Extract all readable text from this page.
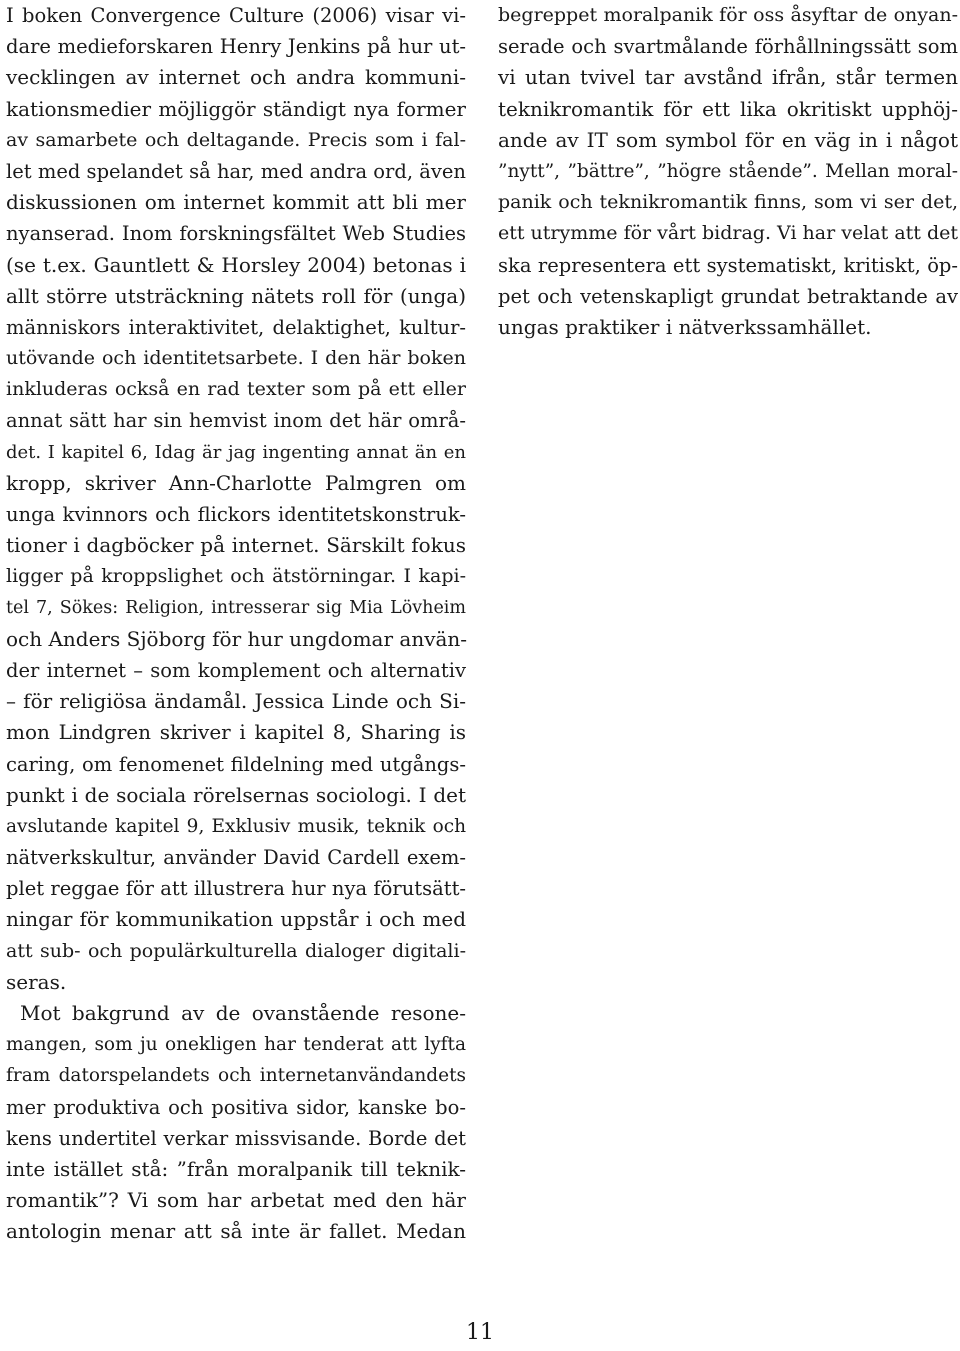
I boken Convergence Culture (2006) visar vi-
dare medieforskaren Henry Jenkins på hur ut-
vecklingen av internet och andra kommuni-
kationsmedier möjliggör ständigt nya former
av samarbete och deltagande. Precis som i fal-
let med spelandet så har, med andra ord, även
diskussionen om internet kommit att bli mer
nyanserad. Inom forskningsfältet Web Studies
(se t.ex. Gauntlett & Horsley 2004) betonas i
allt större utsträckning nätets roll för (unga)
människors interaktivitet, delaktighet, kultur-
utövande och identitetsarbete. I den här boken
inkluderas också en rad texter som på ett eller
annat sätt har sin hemvist inom det här områ-
det. I kapitel 6, Idag är jag ingenting annat än en
kropp, skriver Ann-Charlotte Palmgren om
unga kvinnors och flickors identitetskonstruk-
tioner i dagböcker på internet. Särskilt fokus
ligger på kroppslighet och ätstörningar. I kapi-
tel 7, Sökes: Religion, intresserar sig Mia Lövheim
och Anders Sjöborg för hur ungdomar använ-
der internet – som komplement och alternativ
– för religiösa ändamål. Jessica Linde och Si-
mon Lindgren skriver i kapitel 8, Sharing is
caring, om fenomenet fildelning med utgångs-
punkt i de sociala rörelsernas sociologi. I det
avslutande kapitel 9, Exklusiv musik, teknik och
nätverkskultur, använder David Cardell exem-
plet reggae för att illustrera hur nya förutsätt-
ningar för kommunikation uppstår i och med
att sub- och populärkulturella dialoger digitali-
seras.
Mot bakgrund av de ovanstående resone-
mangen, som ju onekligen har tenderat att lyfta
fram datorspelandets och internetanvändandets
mer produktiva och positiva sidor, kanske bo-
kens undertitel verkar missvisande. Borde det
inte istället stå: ”från moralpanik till teknik-
romantik”? Vi som har arbetat med den här
antologin menar att så inte är fallet. Medan
begreppet moralpanik för oss åsyftar de onyan-
serade och svartmålande förhållningssätt som
vi utan tvivel tar avstånd ifrån, står termen
teknikromantik för ett lika okritiskt upphöj-
ande av IT som symbol för en väg in i något
”nytt”, ”bättre”, ”högre stående”. Mellan moral-
panik och teknikromantik finns, som vi ser det,
ett utrymme för vårt bidrag. Vi har velat att det
ska representera ett systematiskt, kritiskt, öp-
pet och vetenskapligt grundat betraktande av
ungas praktiker i nätverkssamhället.
11
